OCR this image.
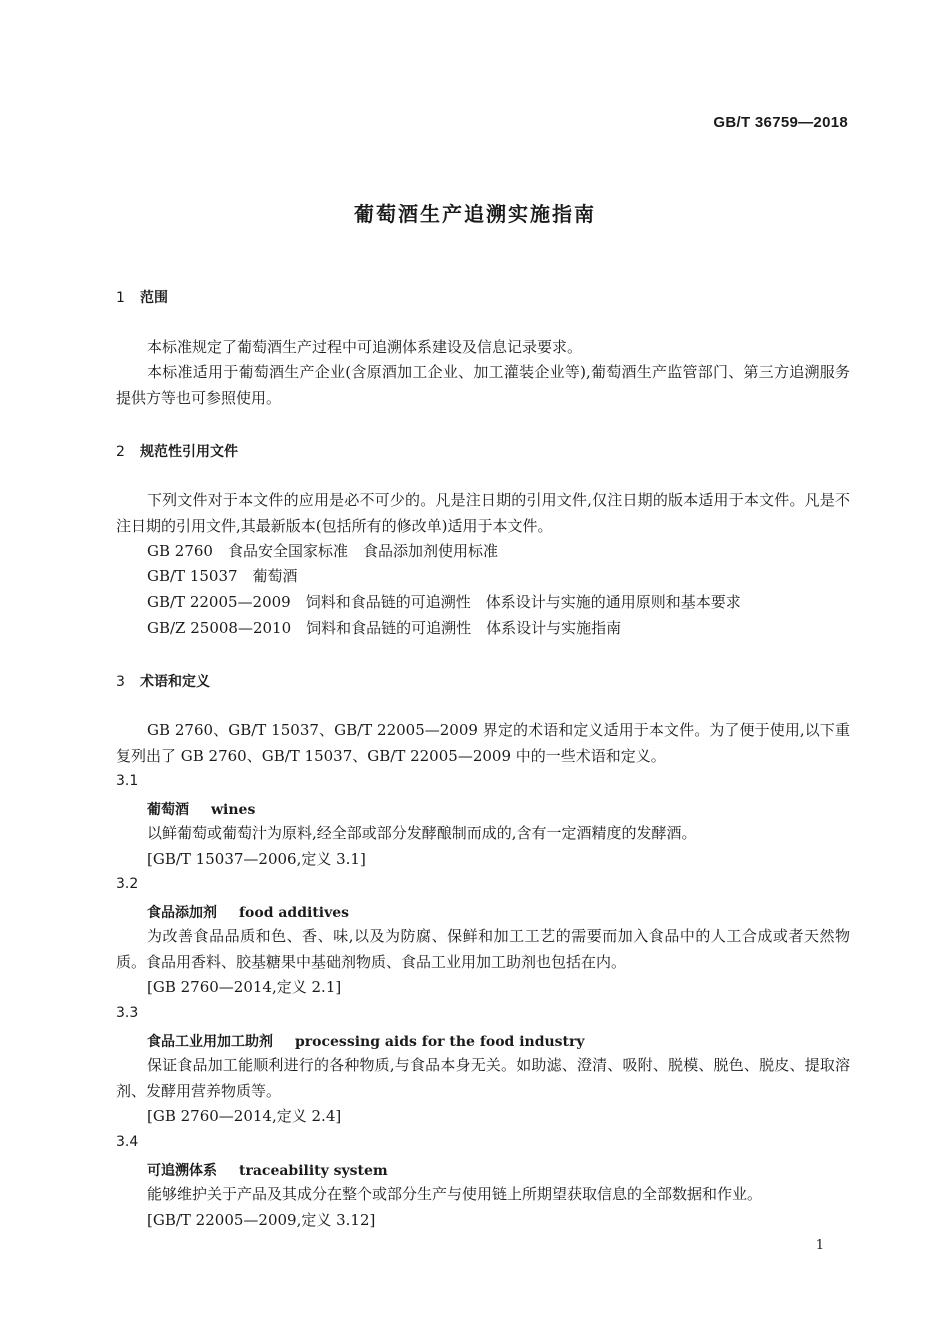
GB/T 36759—2018
葡萄酒生产追溯实施指南
1 范围
本标准规定了葡萄酒生产过程中可追溯体系建设及信息记录要求。
本标准适用于葡萄酒生产企业(含原酒加工企业、加工灌装企业等),葡萄酒生产监管部门、第三方追溯服务提供方等也可参照使用。
2 规范性引用文件
下列文件对于本文件的应用是必不可少的。凡是注日期的引用文件,仅注日期的版本适用于本文件。凡是不注日期的引用文件,其最新版本(包括所有的修改单)适用于本文件。
GB 2760　食品安全国家标准　食品添加剂使用标准
GB/T 15037　葡萄酒
GB/T 22005—2009　饲料和食品链的可追溯性　体系设计与实施的通用原则和基本要求
GB/Z 25008—2010　饲料和食品链的可追溯性　体系设计与实施指南
3 术语和定义
GB 2760、GB/T 15037、GB/T 22005—2009 界定的术语和定义适用于本文件。为了便于使用,以下重复列出了 GB 2760、GB/T 15037、GB/T 22005—2009 中的一些术语和定义。
3.1
葡萄酒 wines
以鲜葡萄或葡萄汁为原料,经全部或部分发酵酿制而成的,含有一定酒精度的发酵酒。
[GB/T 15037—2006,定义 3.1]
3.2
食品添加剂 food additives
为改善食品品质和色、香、味,以及为防腐、保鲜和加工工艺的需要而加入食品中的人工合成或者天然物质。食品用香料、胶基糖果中基础剂物质、食品工业用加工助剂也包括在内。
[GB 2760—2014,定义 2.1]
3.3
食品工业用加工助剂 processing aids for the food industry
保证食品加工能顺利进行的各种物质,与食品本身无关。如助滤、澄清、吸附、脱模、脱色、脱皮、提取溶剂、发酵用营养物质等。
[GB 2760—2014,定义 2.4]
3.4
可追溯体系 traceability system
能够维护关于产品及其成分在整个或部分生产与使用链上所期望获取信息的全部数据和作业。
[GB/T 22005—2009,定义 3.12]
1
